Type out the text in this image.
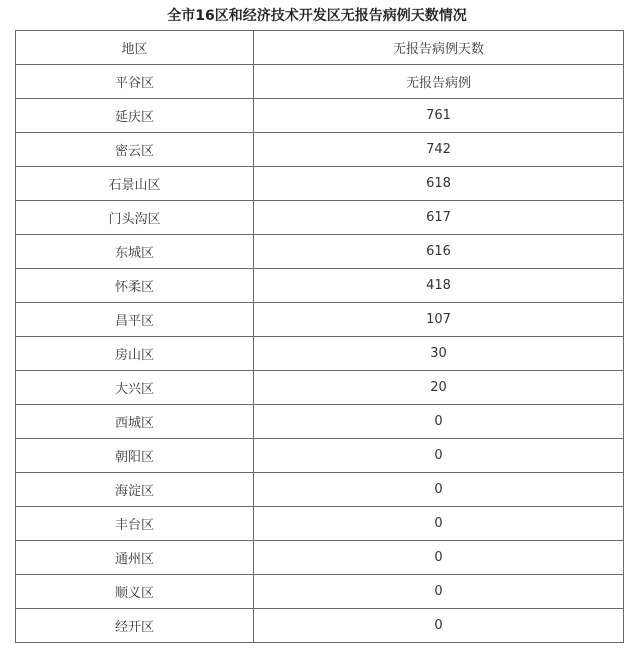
全市16区和经济技术开发区无报告病例天数情况
地区	无报告病例天数
平谷区	无报告病例
延庆区	761
密云区	742
石景山区	618
门头沟区	617
东城区	616
怀柔区	418
昌平区	107
房山区	30
大兴区	20
西城区	0
朝阳区	0
海淀区	0
丰台区	0
通州区	0
顺义区	0
经开区	0
